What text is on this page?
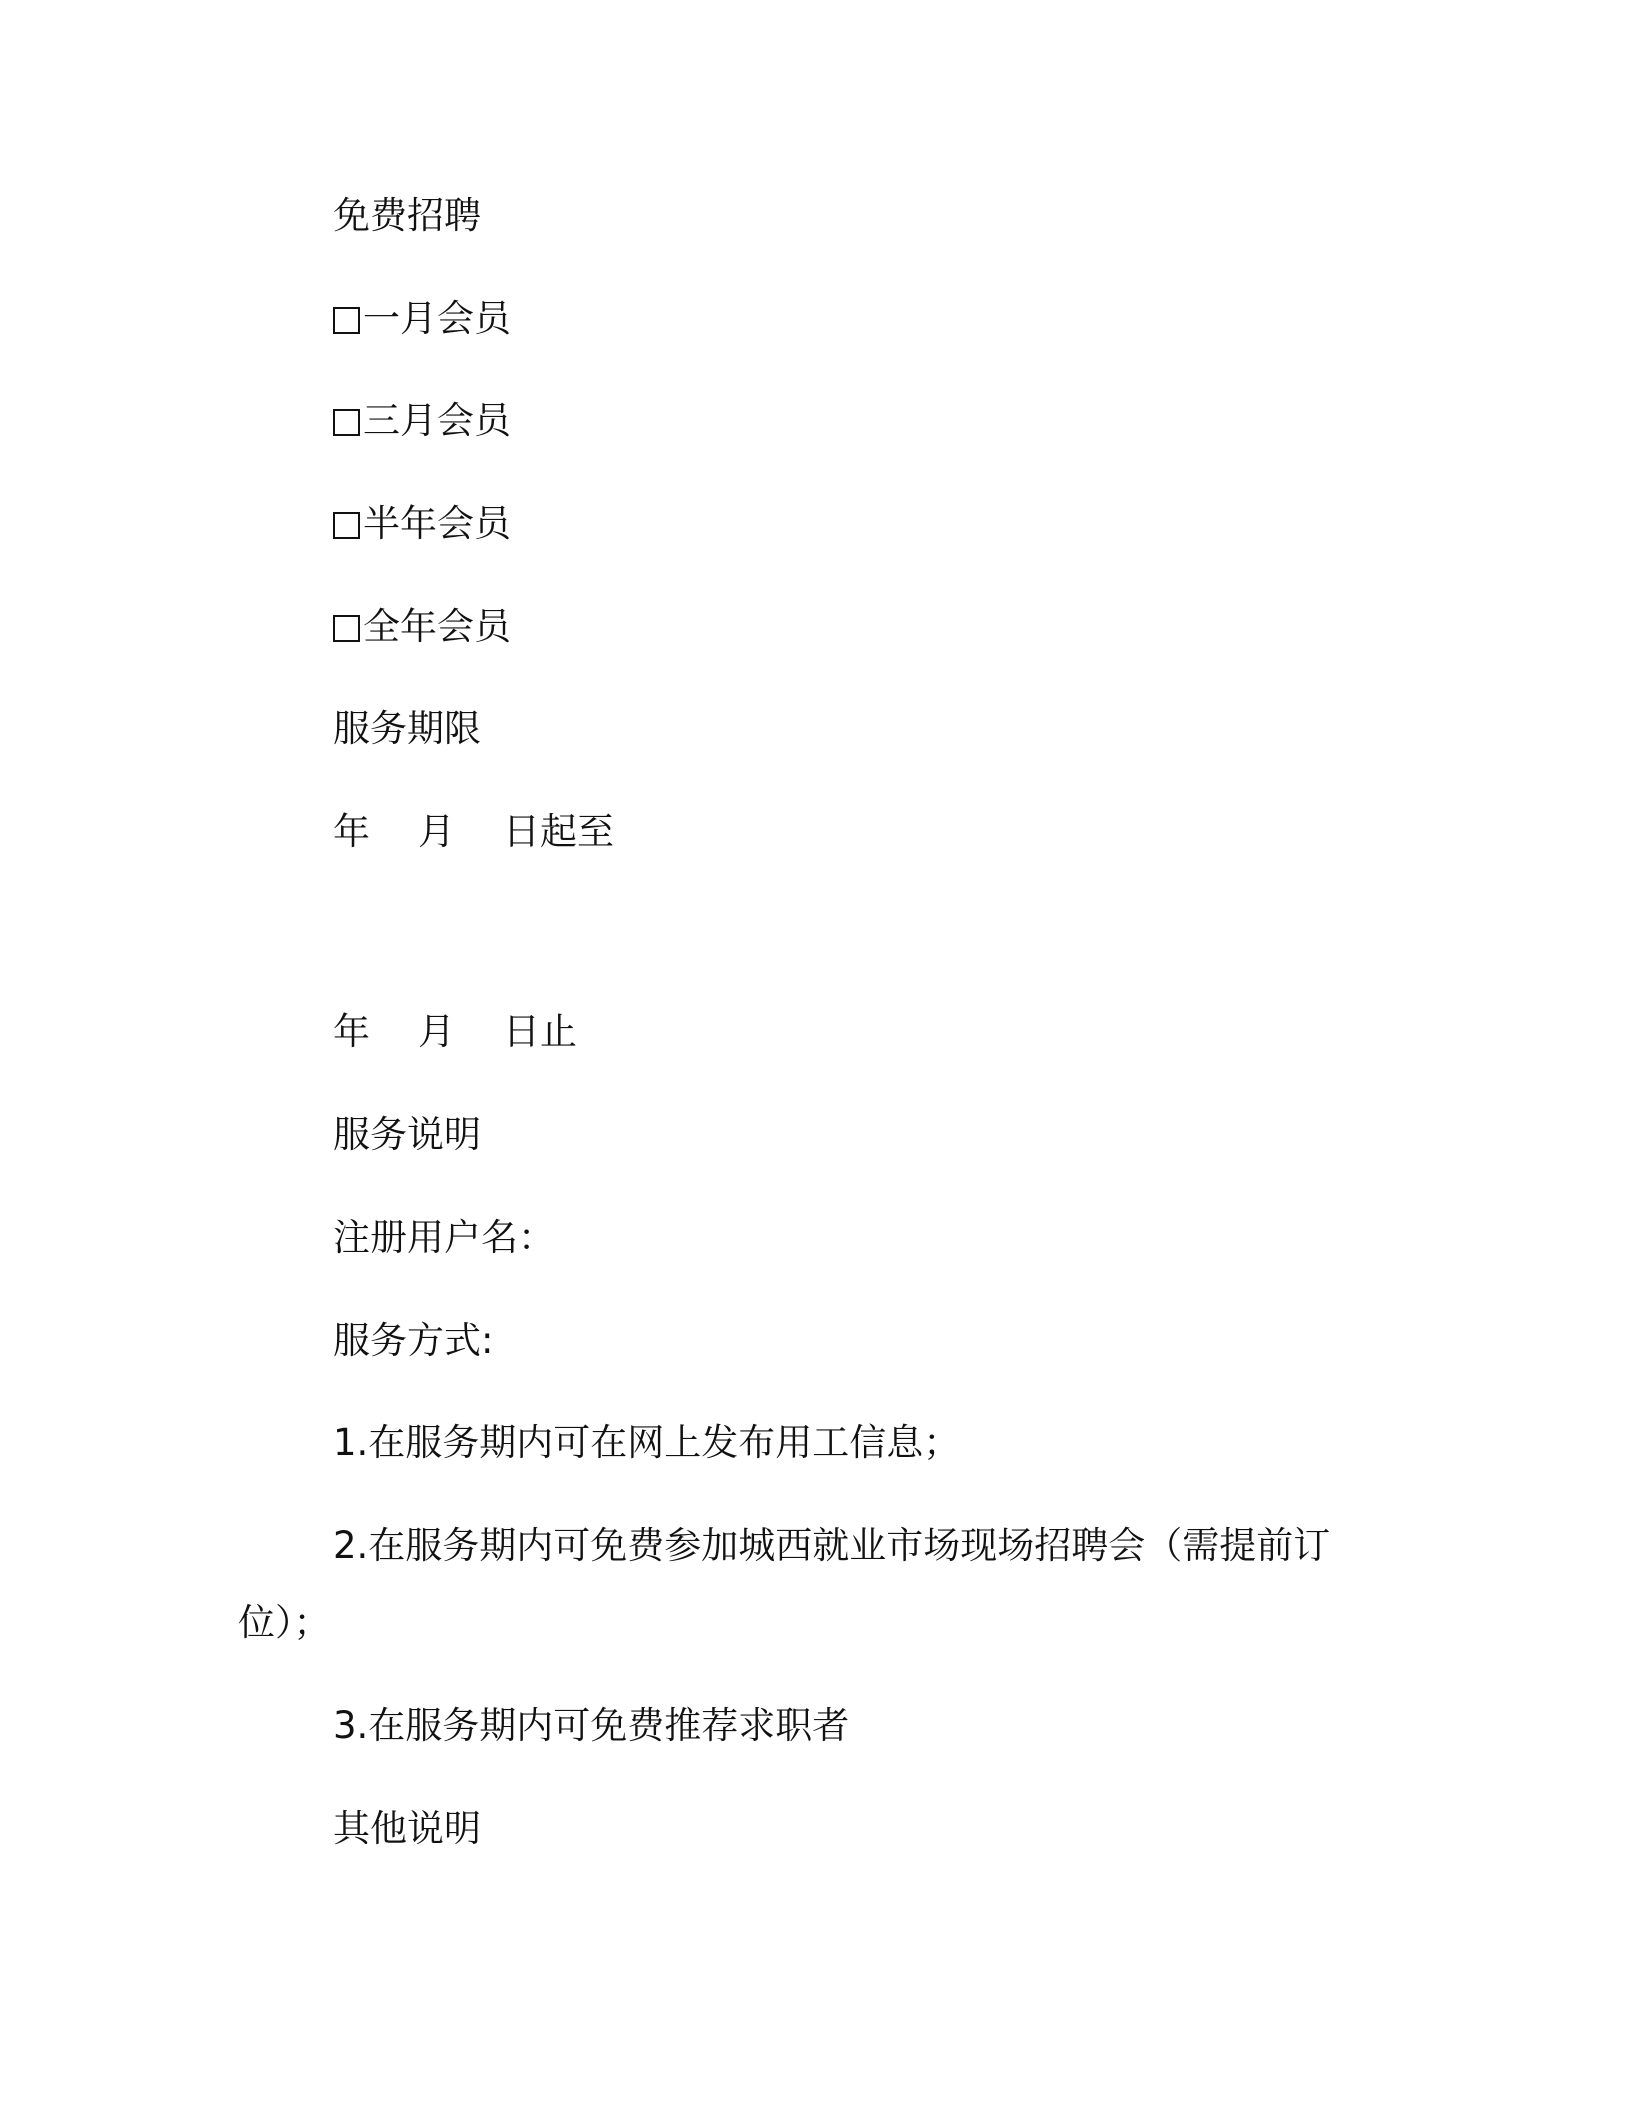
免费招聘
一月会员
三月会员
半年会员
全年会员
服务期限
年 月 日起至
年 月 日止
服务说明
注册用户名：
服务方式:
1.在服务期内可在网上发布用工信息；
2.在服务期内可免费参加城西就业市场现场招聘会（需提前订
位）；
3.在服务期内可免费推荐求职者
其他说明
